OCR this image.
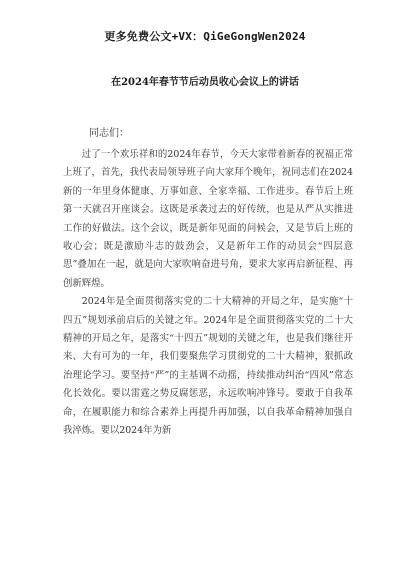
更多免费公文+VX：QiGeGongWen2024
在2024年春节节后动员收心会议上的讲话
同志们：

过了一个欢乐祥和的2024年春节，今天大家带着新春的祝福正常上班了，首先，我代表局领导班子向大家拜个晚年，祝同志们在2024新的一年里身体健康、万事如意、全家幸福、工作进步。春节后上班第一天就召开座谈会。这既是承袭过去的好传统，也是从严从实推进工作的好做法。这个会议，既是新年见面的问候会，又是节后上班的收心会；既是激励斗志的鼓劲会，又是新年工作的动员会“四层意思”叠加在一起，就是向大家吹响奋进号角，要求大家再启新征程、再创新辉煌。

2024年是全面贯彻落实党的二十大精神的开局之年，是实施“十四五”规划承前启后的关键之年。2024年是全面贯彻落实党的二十大精神的开局之年，是落实“十四五”规划的关键之年，也是我们继往开来、大有可为的一年，我们要聚焦学习贯彻党的二十大精神，狠抓政治理论学习。要坚持“严”的主基调不动摇，持续推动纠治“四风”常态化长效化。要以雷霆之势反腐惩恶，永远吹响冲锋号。要敢于自我革命，在履职能力和综合素养上再提升再加强，以自我革命精神加强自我淬炼。要以2024年为新
